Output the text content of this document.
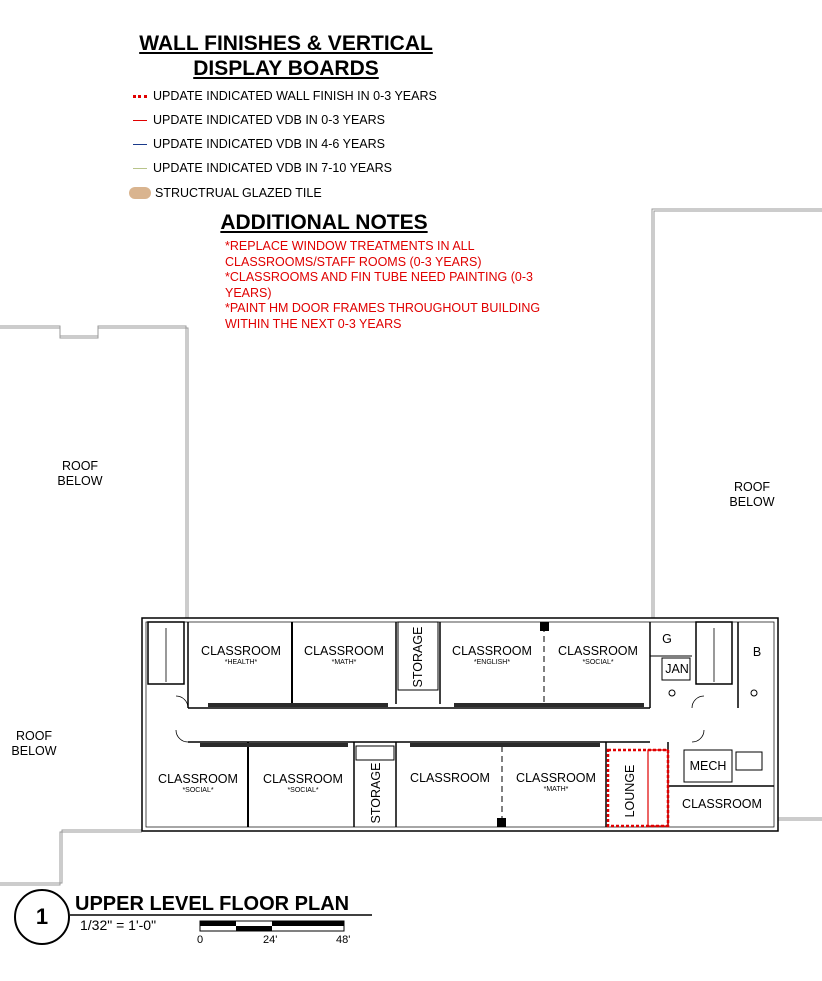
WALL FINISHES & VERTICAL
DISPLAY BOARDS
UPDATE INDICATED WALL FINISH IN 0-3 YEARS
UPDATE INDICATED VDB IN 0-3 YEARS
UPDATE INDICATED VDB IN 4-6 YEARS
UPDATE INDICATED VDB IN 7-10 YEARS
STRUCTRUAL GLAZED TILE
ADDITIONAL NOTES
*REPLACE WINDOW TREATMENTS IN ALL CLASSROOMS/STAFF ROOMS (0-3 YEARS)
*CLASSROOMS AND FIN TUBE NEED PAINTING (0-3 YEARS)
*PAINT HM DOOR FRAMES THROUGHOUT BUILDING WITHIN THE NEXT 0-3 YEARS
ROOF
BELOW	ROOF
BELOW
ROOF
BELOW
CLASSROOM
*HEALTH*
CLASSROOM
*MATH*	STORAGE	CLASSROOM
*ENGLISH*
CLASSROOM
*SOCIAL*
G
JAN
B
CLASSROOM
*SOCIAL*
CLASSROOM
*SOCIAL*	STORAGE	CLASSROOM	CLASSROOM
*MATH*	LOUNGE	MECH
CLASSROOM
1	UPPER LEVEL FLOOR PLAN
1/32" = 1'-0"
0	24'	48'
